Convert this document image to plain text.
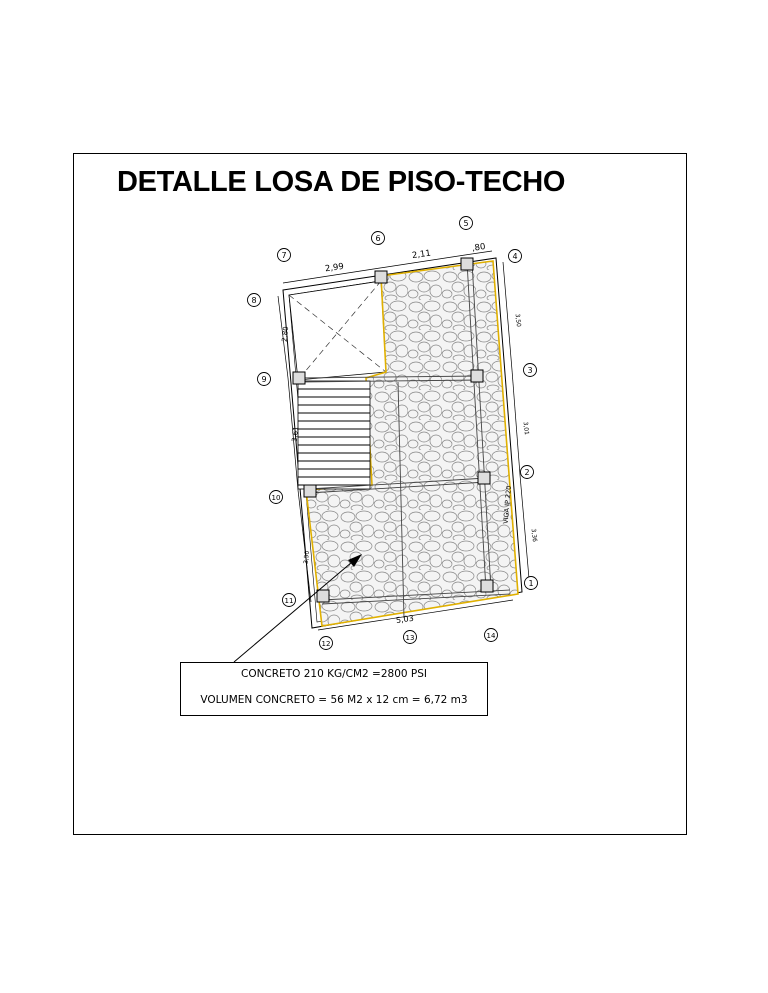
DETALLE LOSA DE PISO-TECHO
1
2
3
4
5
6
7
8
9
10
11
12
13	14
2,99
2,11
,80
3,50
3,01
3,36
2,80
3,61
3,50
5,03
VIGA IP 220
CONCRETO 210 KG/CM2 =2800 PSI
VOLUMEN CONCRETO = 56 M2 x 12 cm = 6,72 m3
